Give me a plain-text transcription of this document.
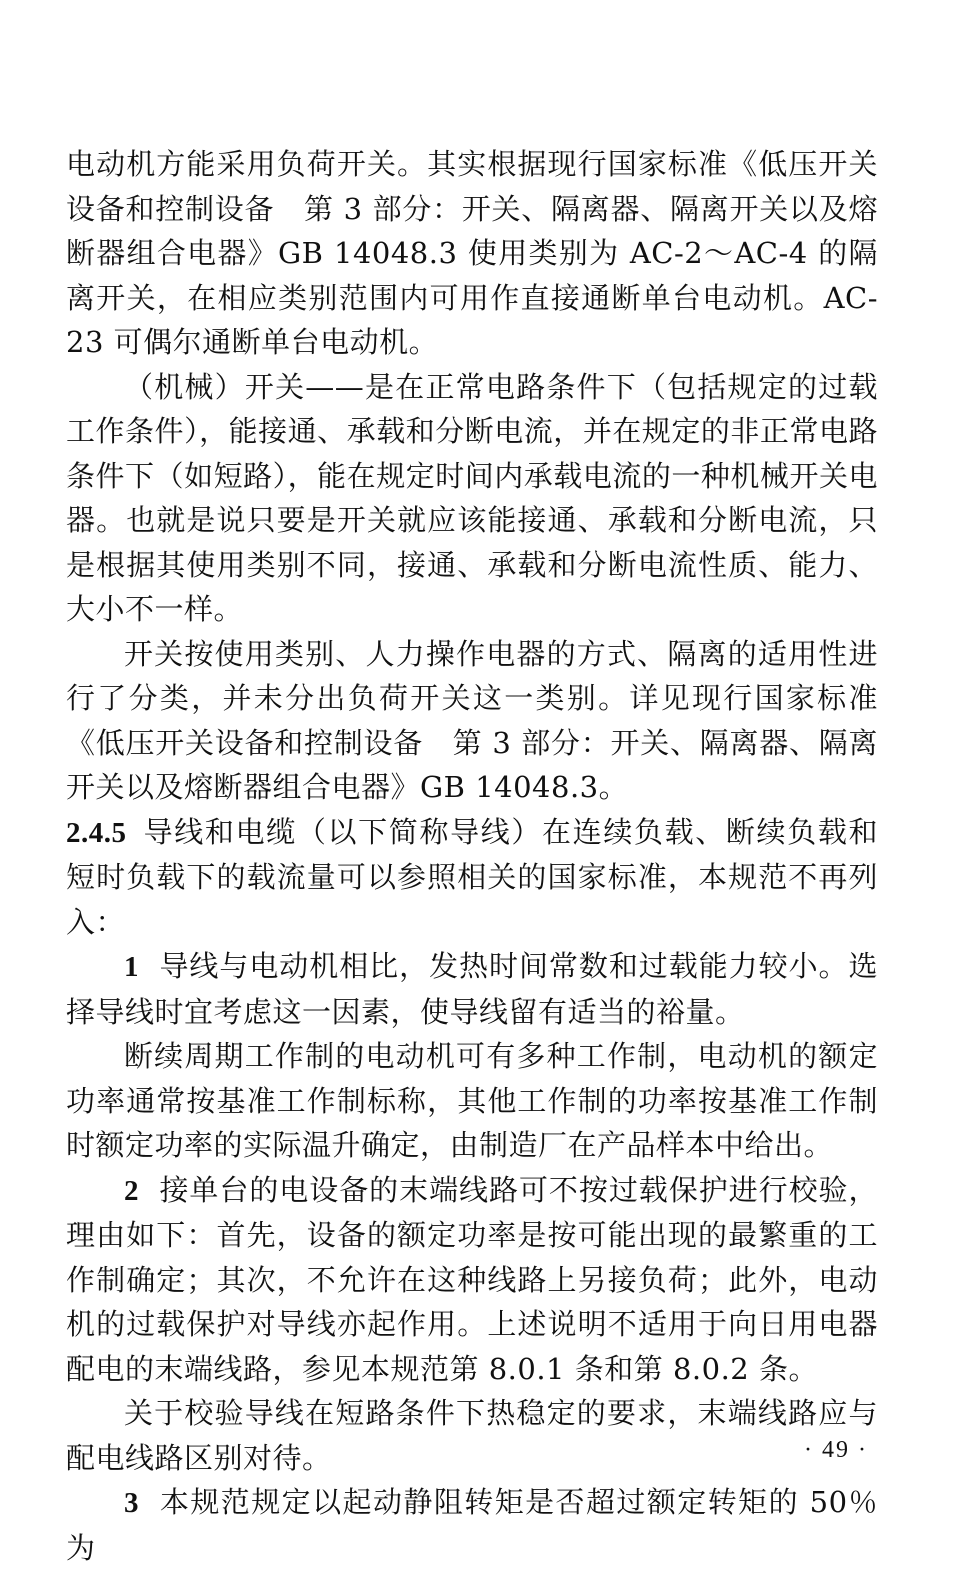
电动机方能采用负荷开关。其实根据现行国家标准《低压开关设备和控制设备　第 3 部分：开关、隔离器、隔离开关以及熔断器组合电器》GB 14048.3 使用类别为 AC-2～AC-4 的隔离开关，在相应类别范围内可用作直接通断单台电动机。AC-23 可偶尔通断单台电动机。

（机械）开关——是在正常电路条件下（包括规定的过载工作条件），能接通、承载和分断电流，并在规定的非正常电路条件下（如短路），能在规定时间内承载电流的一种机械开关电器。也就是说只要是开关就应该能接通、承载和分断电流，只是根据其使用类别不同，接通、承载和分断电流性质、能力、大小不一样。

开关按使用类别、人力操作电器的方式、隔离的适用性进行了分类，并未分出负荷开关这一类别。详见现行国家标准《低压开关设备和控制设备　第 3 部分：开关、隔离器、隔离开关以及熔断器组合电器》GB 14048.3。

2.4.5 导线和电缆（以下简称导线）在连续负载、断续负载和短时负载下的载流量可以参照相关的国家标准，本规范不再列入：

1 导线与电动机相比，发热时间常数和过载能力较小。选择导线时宜考虑这一因素，使导线留有适当的裕量。

断续周期工作制的电动机可有多种工作制，电动机的额定功率通常按基准工作制标称，其他工作制的功率按基准工作制时额定功率的实际温升确定，由制造厂在产品样本中给出。

2 接单台的电设备的末端线路可不按过载保护进行校验，理由如下：首先，设备的额定功率是按可能出现的最繁重的工作制确定；其次，不允许在这种线路上另接负荷；此外，电动机的过载保护对导线亦起作用。上述说明不适用于向日用电器配电的末端线路，参见本规范第 8.0.1 条和第 8.0.2 条。

关于校验导线在短路条件下热稳定的要求，末端线路应与配电线路区别对待。

3 本规范规定以起动静阻转矩是否超过额定转矩的 50％为

· 49 ·
